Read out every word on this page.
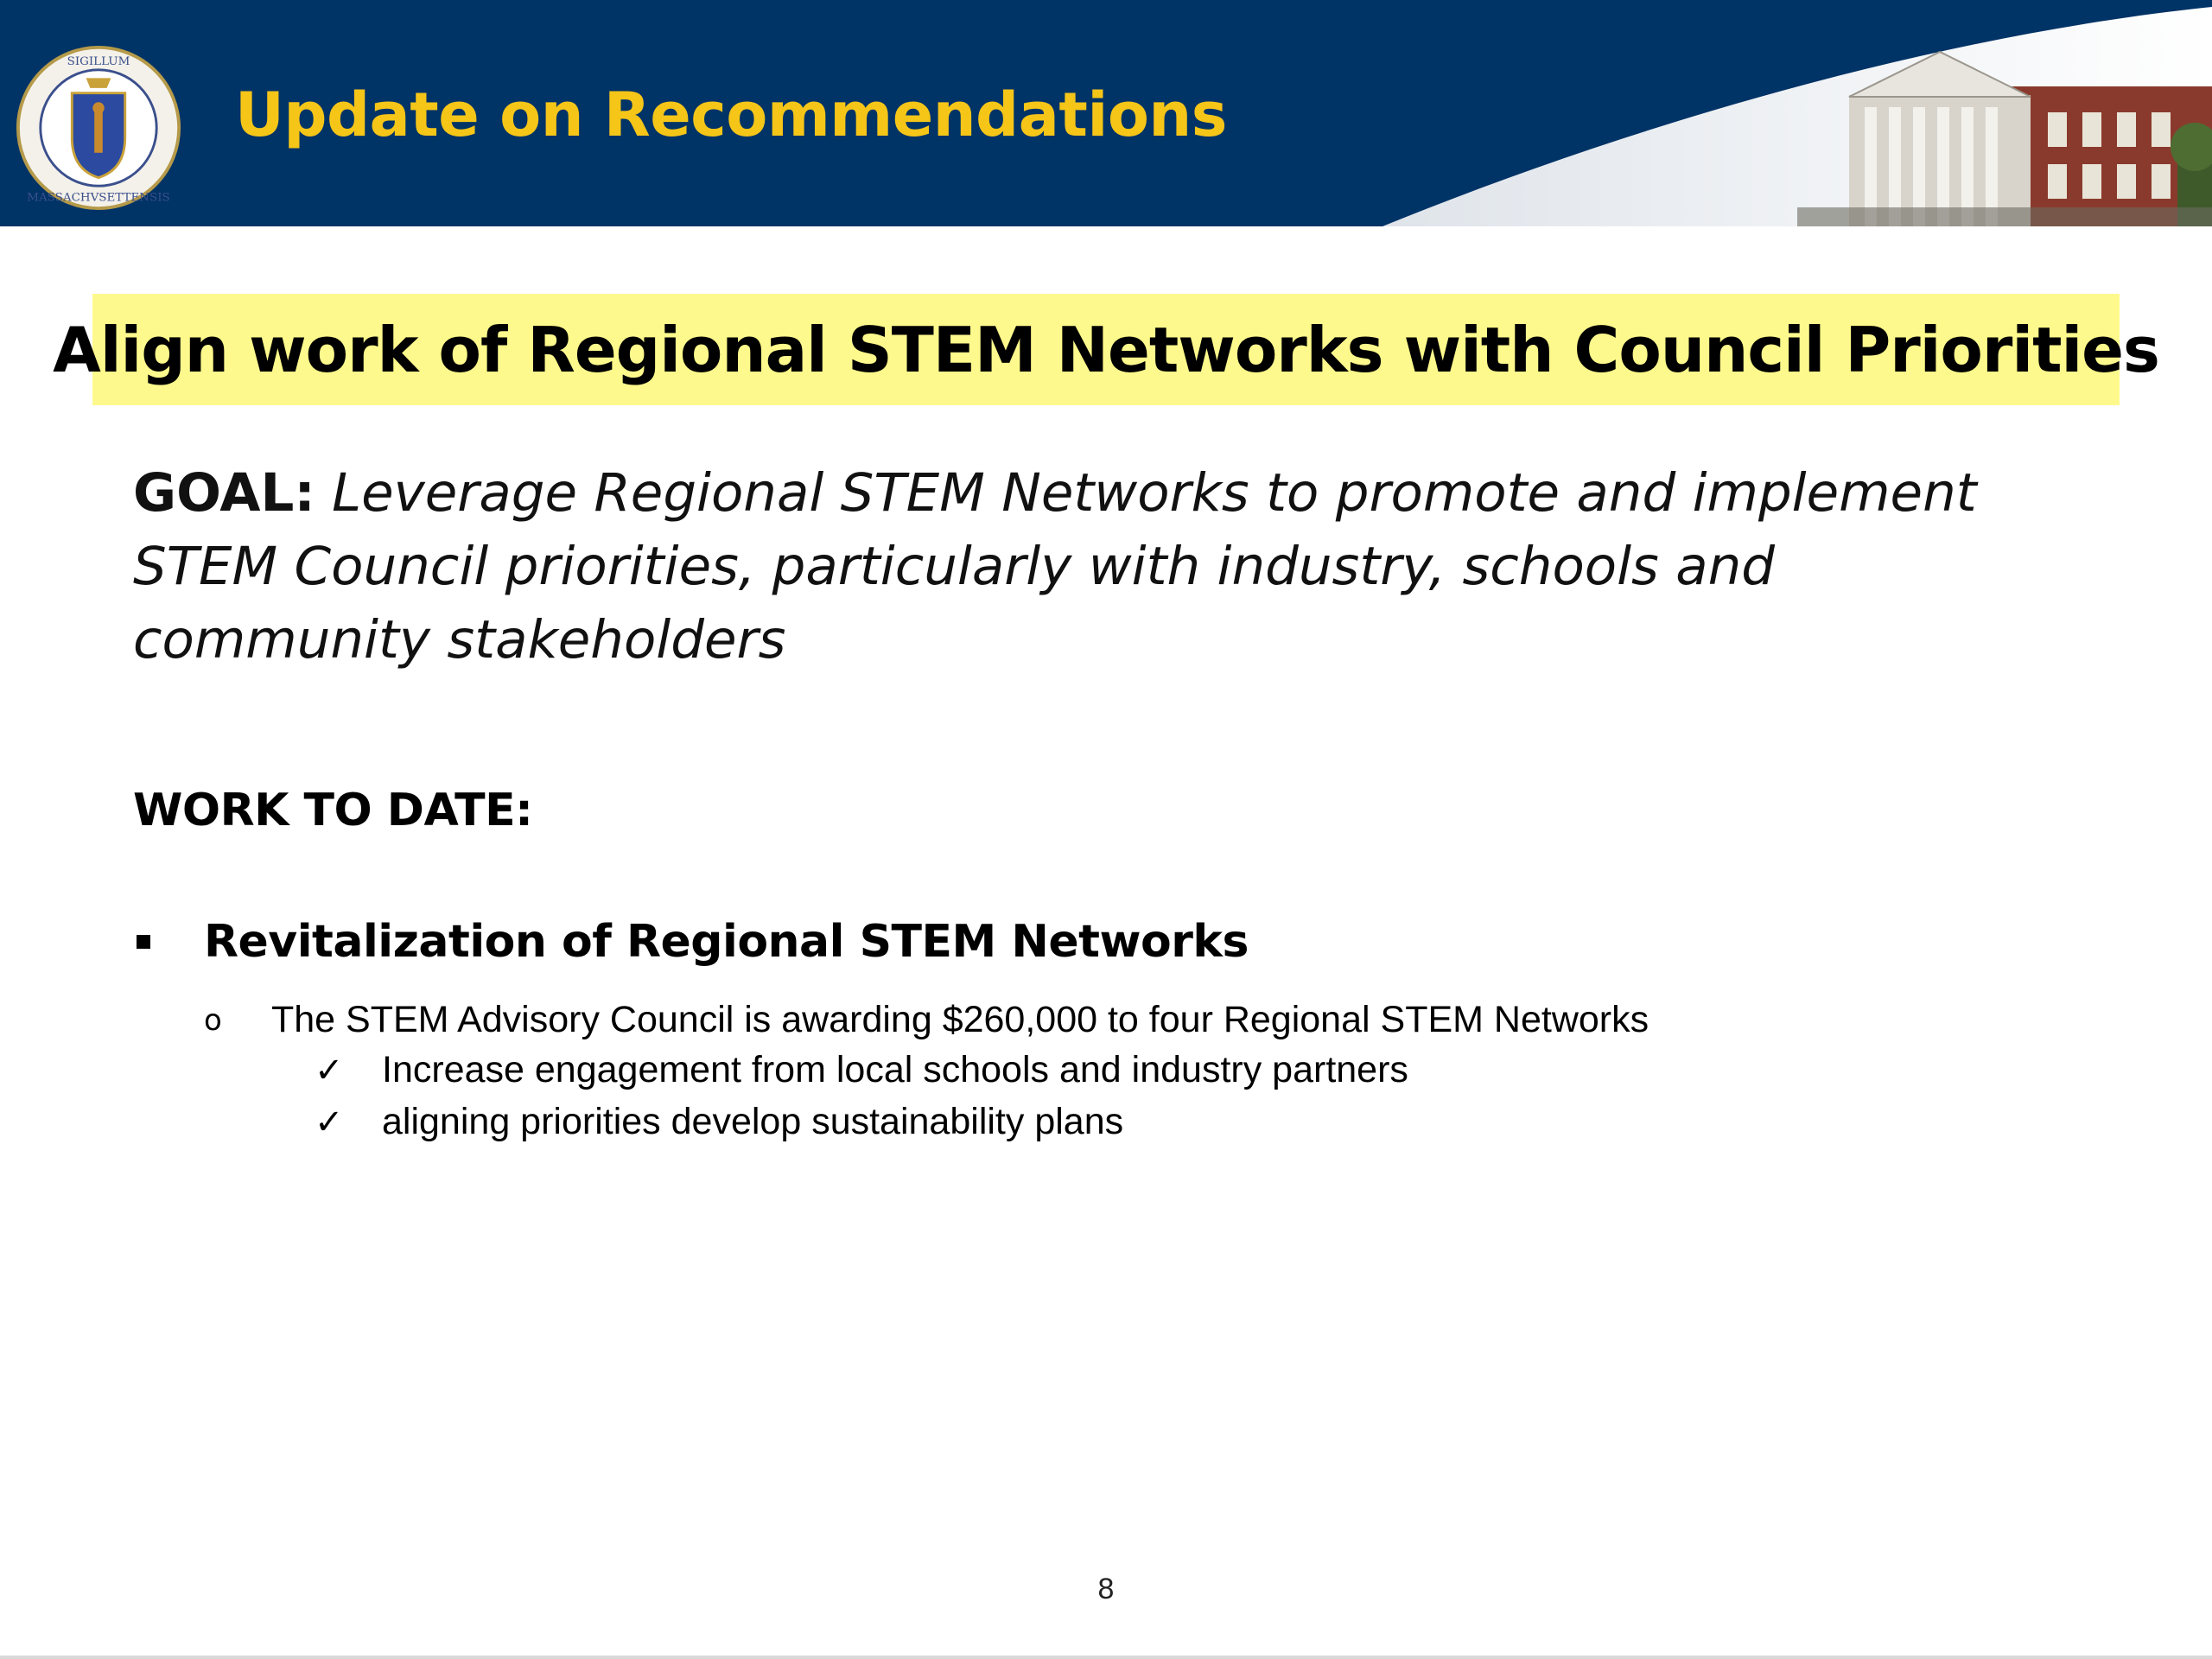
SIGILLUM
MASSACHVSETTENSIS
Update on Recommendations
Align work of Regional STEM Networks with Council Priorities
GOAL: Leverage Regional STEM Networks to promote and implement STEM Council priorities, particularly with industry, schools and community stakeholders
WORK TO DATE:
Revitalization of Regional STEM Networks
o	The STEM Advisory Council is awarding $260,000 to four Regional STEM Networks
✓	Increase engagement from local schools and industry partners
✓	aligning priorities develop sustainability plans
8
